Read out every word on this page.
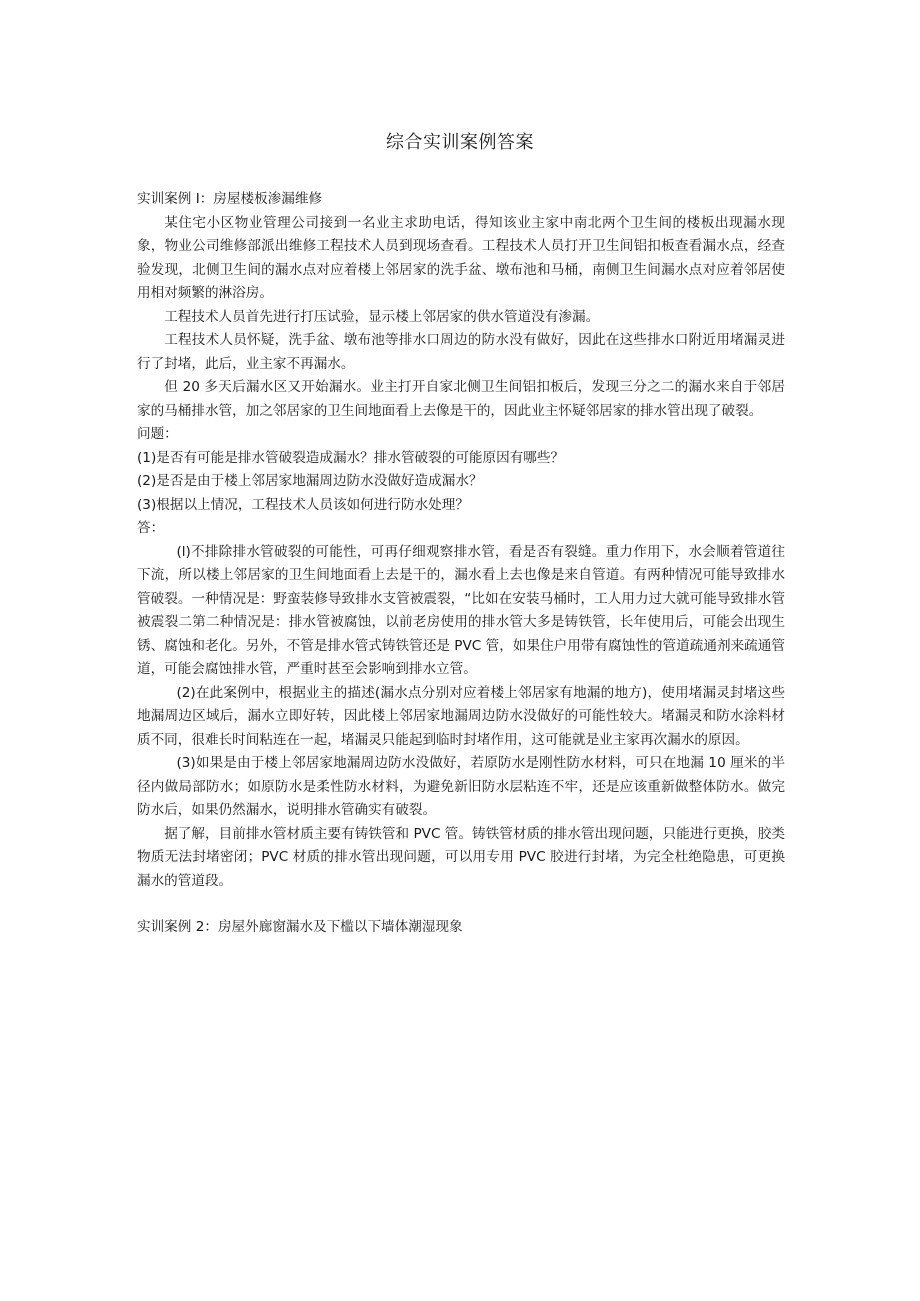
综合实训案例答案

实训案例 I：房屋楼板渗漏维修

某住宅小区物业管理公司接到一名业主求助电话，得知该业主家中南北两个卫生间的楼板出现漏水现象，物业公司维修部派出维修工程技术人员到现场查看。工程技术人员打开卫生间铝扣板查看漏水点，经查验发现，北侧卫生间的漏水点对应着楼上邻居家的洗手盆、墩布池和马桶，南侧卫生间漏水点对应着邻居使用相对频繁的淋浴房。

工程技术人员首先进行打压试验，显示楼上邻居家的供水管道没有渗漏。

工程技术人员怀疑，洗手盆、墩布池等排水口周边的防水没有做好，因此在这些排水口附近用堵漏灵进行了封堵，此后，业主家不再漏水。

但 20 多天后漏水区又开始漏水。业主打开自家北侧卫生间铝扣板后，发现三分之二的漏水来自于邻居家的马桶排水管，加之邻居家的卫生间地面看上去像是干的，因此业主怀疑邻居家的排水管出现了破裂。

问题：

(1)是否有可能是排水管破裂造成漏水？排水管破裂的可能原因有哪些？

(2)是否是由于楼上邻居家地漏周边防水没做好造成漏水？

(3)根据以上情况，工程技术人员该如何进行防水处理？

答：

(l)不排除排水管破裂的可能性，可再仔细观察排水管，看是否有裂缝。重力作用下，水会顺着管道往下流，所以楼上邻居家的卫生间地面看上去是干的，漏水看上去也像是来自管道。有两种情况可能导致排水管破裂。一种情况是：野蛮装修导致排水支管被震裂，“比如在安装马桶时，工人用力过大就可能导致排水管被震裂二第二种情况是：排水管被腐蚀，以前老房使用的排水管大多是铸铁管，长年使用后，可能会出现生锈、腐蚀和老化。另外，不管是排水管式铸铁管还是 PVC 管，如果住户用带有腐蚀性的管道疏通剂来疏通管道，可能会腐蚀排水管，严重时甚至会影响到排水立管。

(2)在此案例中，根据业主的描述(漏水点分别对应着楼上邻居家有地漏的地方)，使用堵漏灵封堵这些地漏周边区域后，漏水立即好转，因此楼上邻居家地漏周边防水没做好的可能性较大。堵漏灵和防水涂料材质不同，很难长时间粘连在一起，堵漏灵只能起到临时封堵作用，这可能就是业主家再次漏水的原因。

(3)如果是由于楼上邻居家地漏周边防水没做好，若原防水是刚性防水材料，可只在地漏 10 厘米的半径内做局部防水；如原防水是柔性防水材料，为避免新旧防水层粘连不牢，还是应该重新做整体防水。做完防水后，如果仍然漏水，说明排水管确实有破裂。

据了解，目前排水管材质主要有铸铁管和 PVC 管。铸铁管材质的排水管出现问题，只能进行更换，胶类物质无法封堵密闭；PVC 材质的排水管出现问题，可以用专用 PVC 胶进行封堵，为完全杜绝隐患，可更换漏水的管道段。

实训案例 2：房屋外廊窗漏水及下槛以下墙体潮湿现象
